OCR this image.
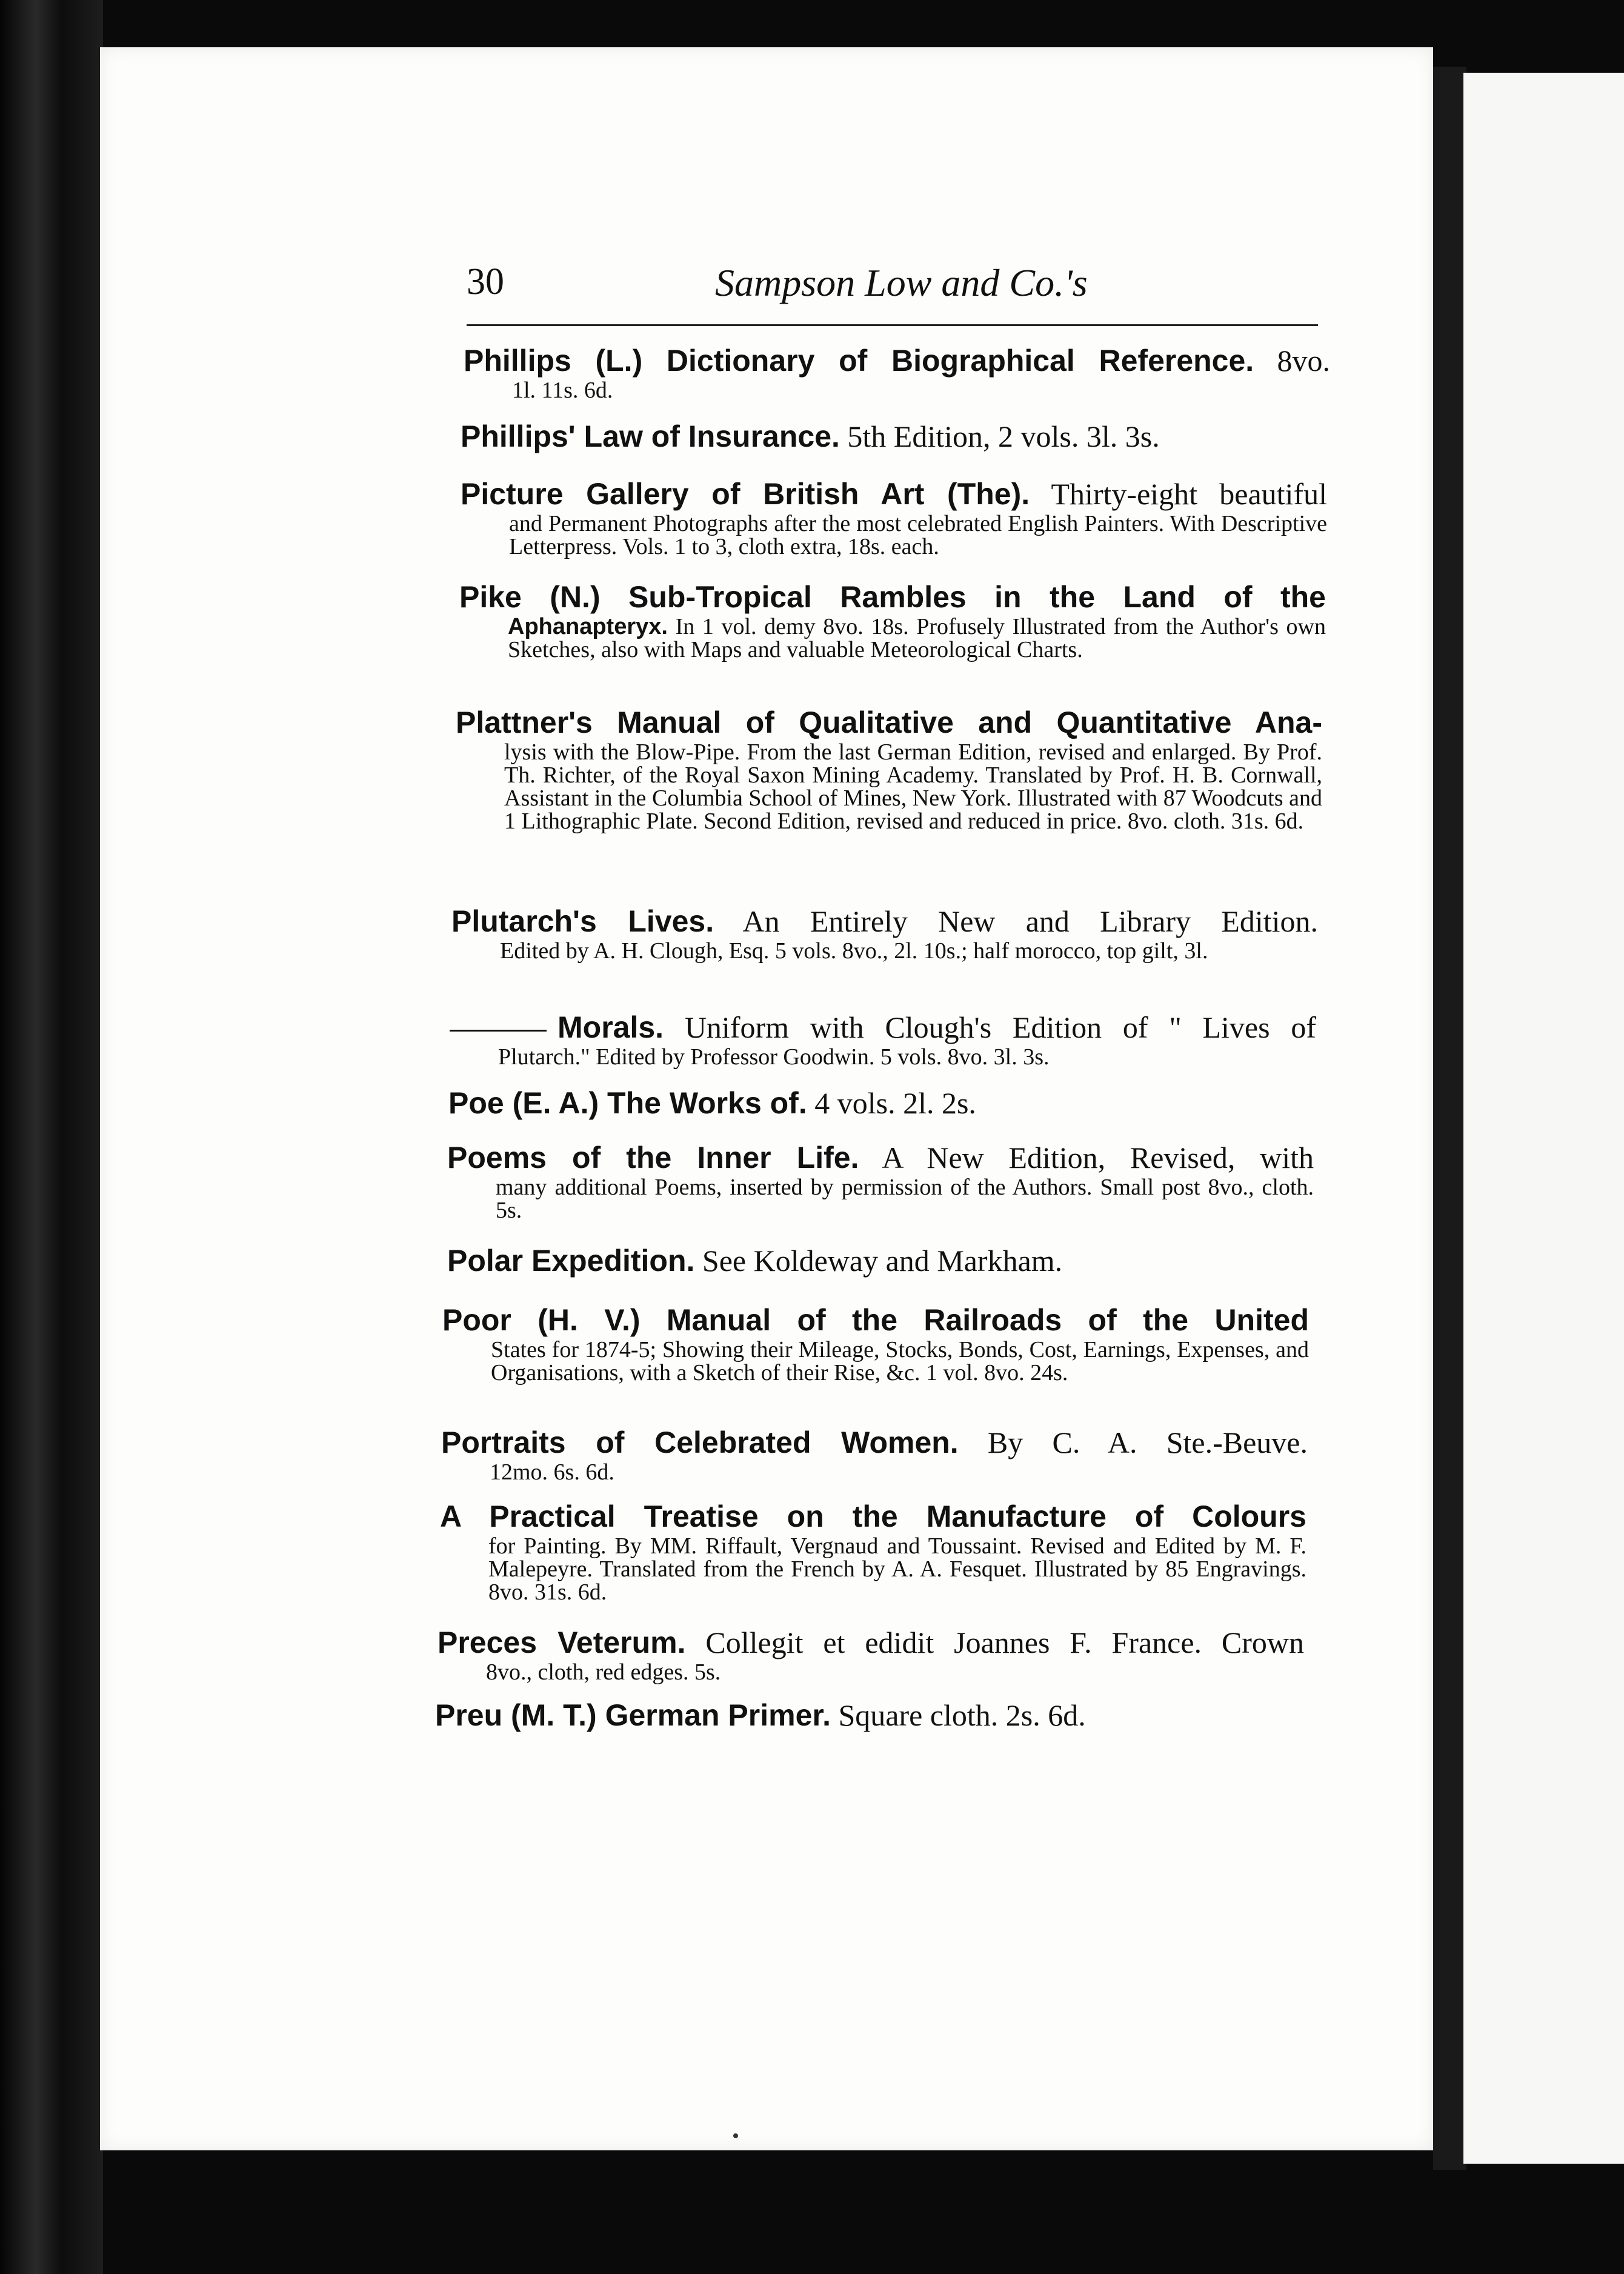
30	Sampson Low and Co.'s
Phillips (L.) Dictionary of Biographical Reference. 8vo.
1l. 11s. 6d.
Phillips' Law of Insurance. 5th Edition, 2 vols. 3l. 3s.
Picture Gallery of British Art (The). Thirty-eight beautiful
and Permanent Photographs after the most celebrated English Painters. With Descriptive Letterpress. Vols. 1 to 3, cloth extra, 18s. each.
Pike (N.) Sub-Tropical Rambles in the Land of the
Aphanapteryx. In 1 vol. demy 8vo. 18s. Profusely Illustrated from the Author's own Sketches, also with Maps and valuable Meteorological Charts.
Plattner's Manual of Qualitative and Quantitative Ana-
lysis with the Blow-Pipe. From the last German Edition, revised and enlarged. By Prof. Th. Richter, of the Royal Saxon Mining Academy. Translated by Prof. H. B. Cornwall, Assistant in the Columbia School of Mines, New York. Illustrated with 87 Woodcuts and 1 Lithographic Plate. Second Edition, revised and reduced in price. 8vo. cloth. 31s. 6d.
Plutarch's Lives. An Entirely New and Library Edition.
Edited by A. H. Clough, Esq. 5 vols. 8vo., 2l. 10s.; half morocco, top gilt, 3l.
Morals. Uniform with Clough's Edition of " Lives of
Plutarch." Edited by Professor Goodwin. 5 vols. 8vo. 3l. 3s.
Poe (E. A.) The Works of. 4 vols. 2l. 2s.
Poems of the Inner Life. A New Edition, Revised, with
many additional Poems, inserted by permission of the Authors. Small post 8vo., cloth. 5s.
Polar Expedition. See Koldeway and Markham.
Poor (H. V.) Manual of the Railroads of the United
States for 1874-5; Showing their Mileage, Stocks, Bonds, Cost, Earnings, Expenses, and Organisations, with a Sketch of their Rise, &c. 1 vol. 8vo. 24s.
Portraits of Celebrated Women. By C. A. Ste.-Beuve.
12mo. 6s. 6d.
A Practical Treatise on the Manufacture of Colours
for Painting. By MM. Riffault, Vergnaud and Toussaint. Revised and Edited by M. F. Malepeyre. Translated from the French by A. A. Fesquet. Illustrated by 85 Engravings. 8vo. 31s. 6d.
Preces Veterum. Collegit et edidit Joannes F. France. Crown
8vo., cloth, red edges. 5s.
Preu (M. T.) German Primer. Square cloth. 2s. 6d.
